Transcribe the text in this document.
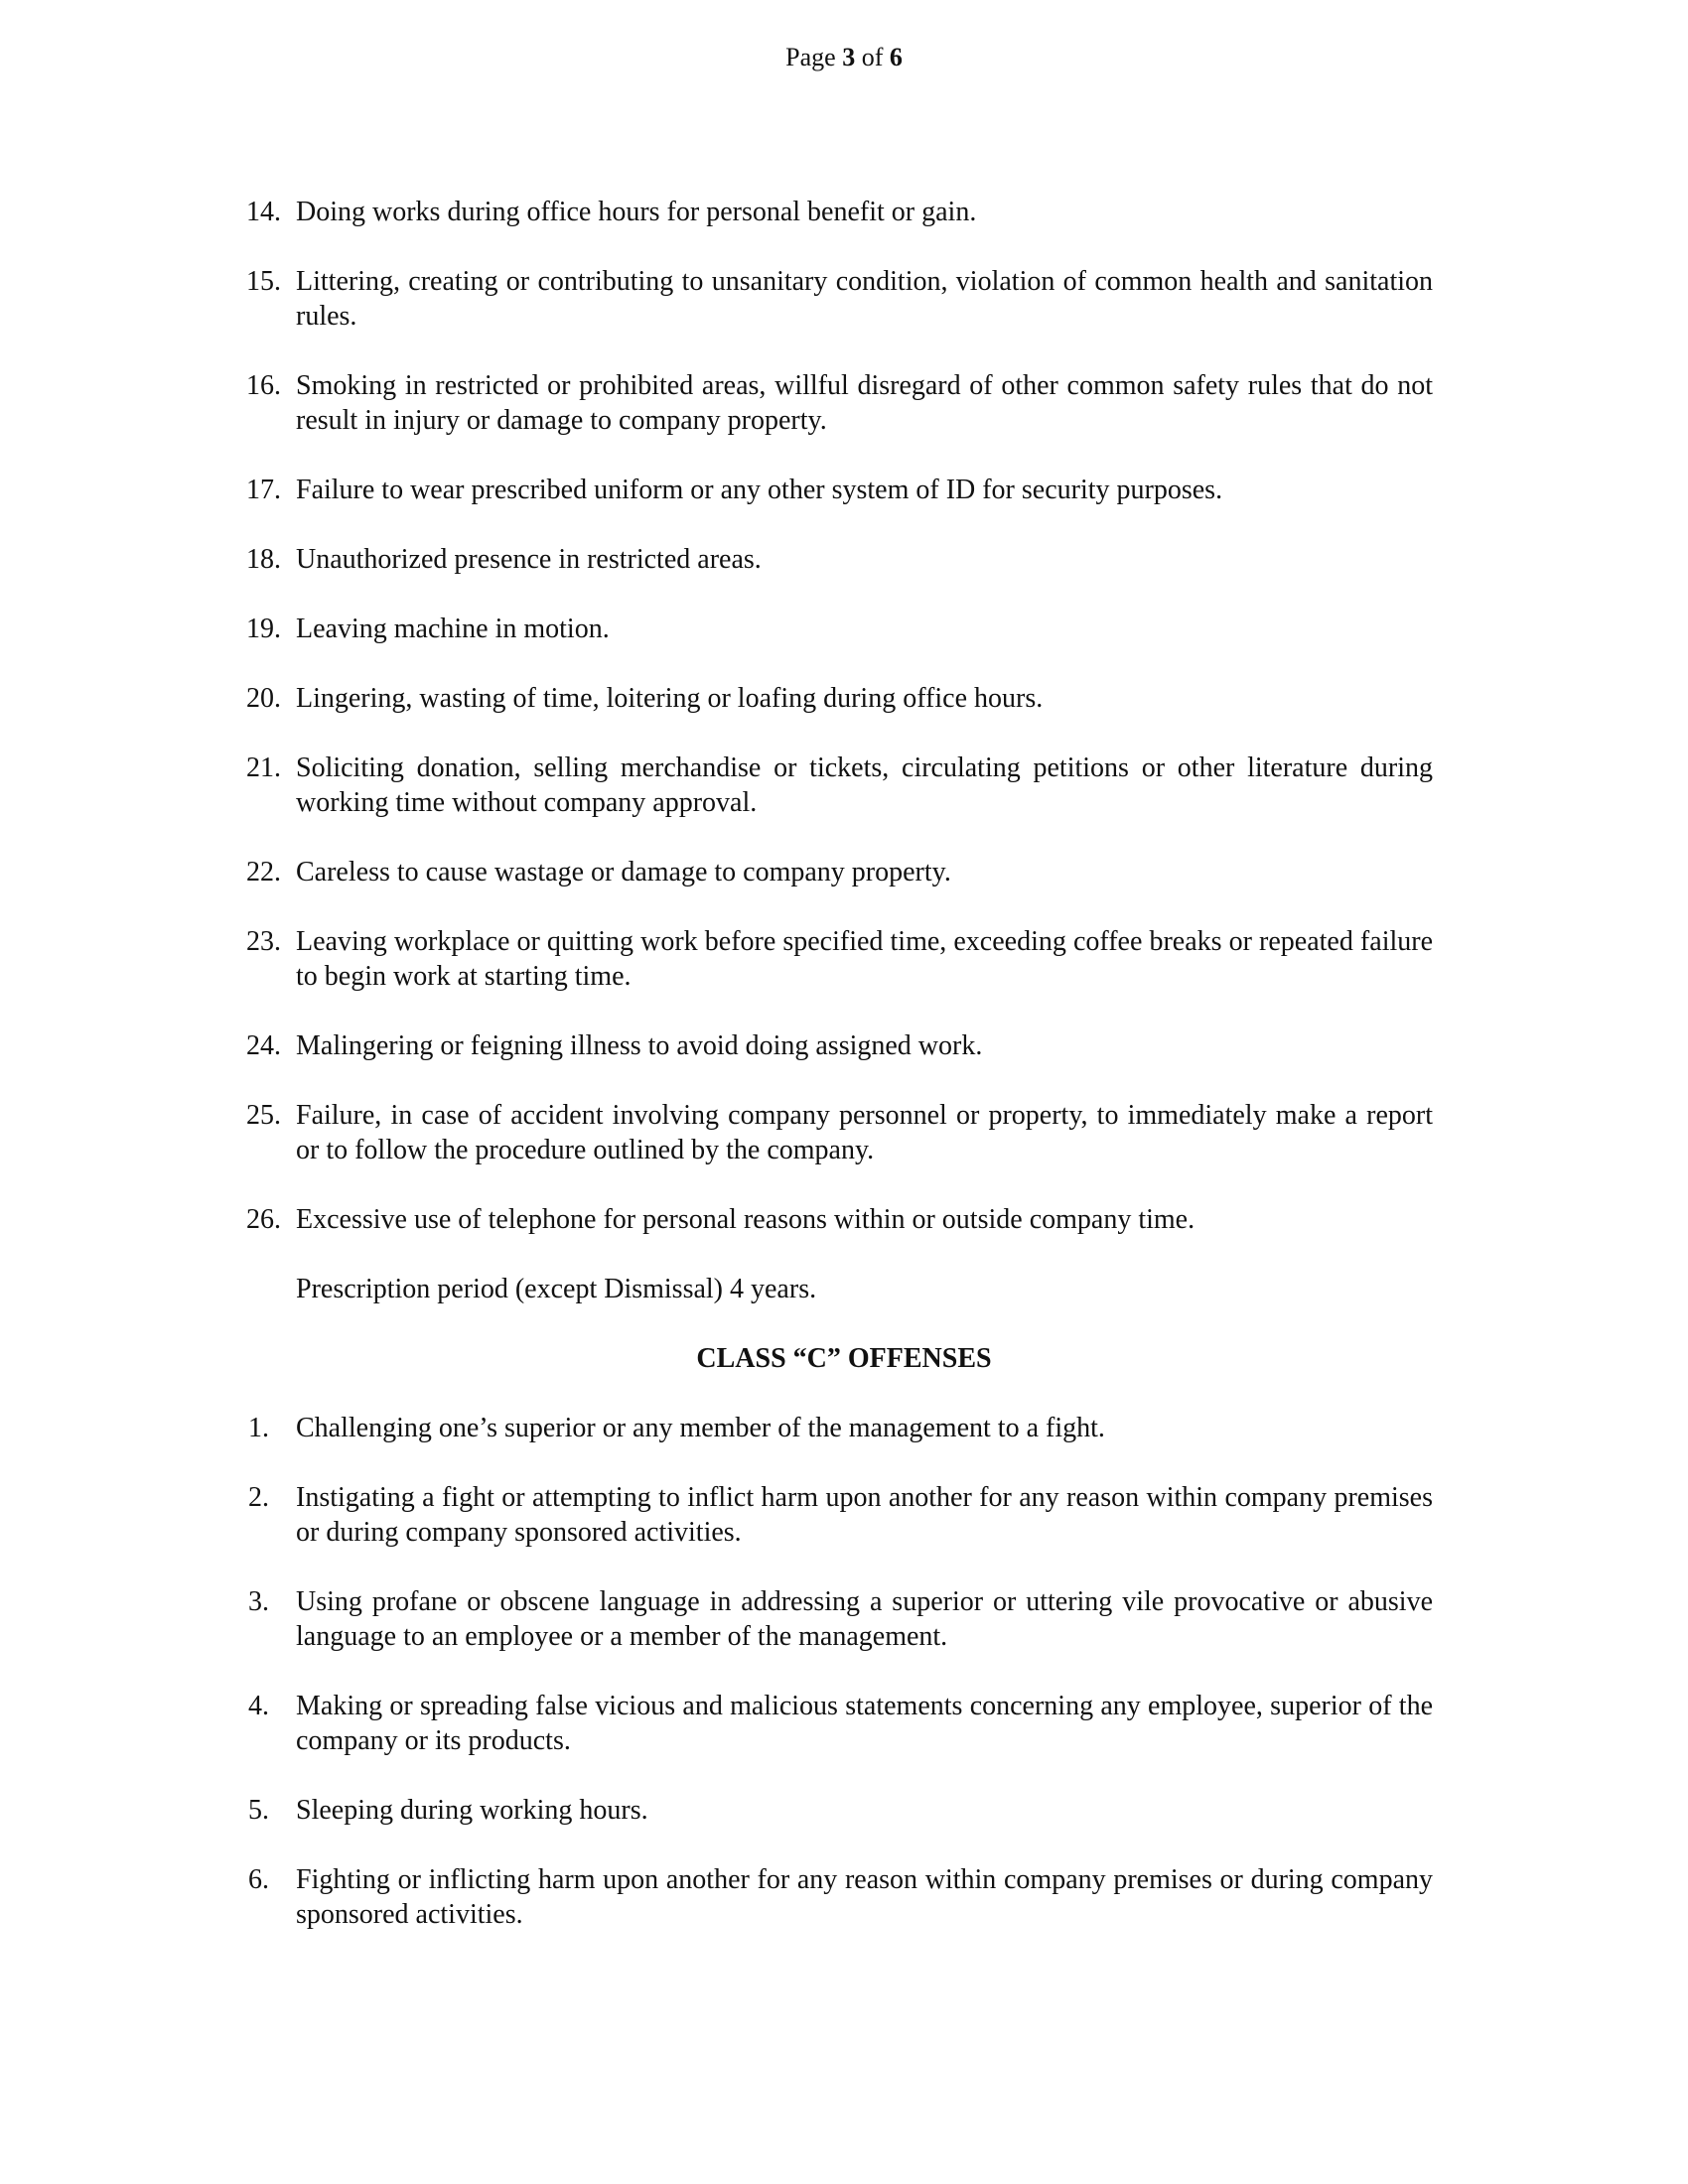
Page 3 of 6
14. Doing works during office hours for personal benefit or gain.
15. Littering, creating or contributing to unsanitary condition, violation of common health and sanitation rules.
16. Smoking in restricted or prohibited areas, willful disregard of other common safety rules that do not result in injury or damage to company property.
17. Failure to wear prescribed uniform or any other system of ID for security purposes.
18. Unauthorized presence in restricted areas.
19. Leaving machine in motion.
20. Lingering, wasting of time, loitering or loafing during office hours.
21. Soliciting donation, selling merchandise or tickets, circulating petitions or other literature during working time without company approval.
22. Careless to cause wastage or damage to company property.
23. Leaving workplace or quitting work before specified time, exceeding coffee breaks or repeated failure to begin work at starting time.
24. Malingering or feigning illness to avoid doing assigned work.
25. Failure, in case of accident involving company personnel or property, to immediately make a report or to follow the procedure outlined by the company.
26. Excessive use of telephone for personal reasons within or outside company time.
Prescription period (except Dismissal) 4 years.
CLASS “C” OFFENSES
1. Challenging one’s superior or any member of the management to a fight.
2. Instigating a fight or attempting to inflict harm upon another for any reason within company premises or during company sponsored activities.
3. Using profane or obscene language in addressing a superior or uttering vile provocative or abusive language to an employee or a member of the management.
4. Making or spreading false vicious and malicious statements concerning any employee, superior of the company or its products.
5. Sleeping during working hours.
6. Fighting or inflicting harm upon another for any reason within company premises or during company sponsored activities.
